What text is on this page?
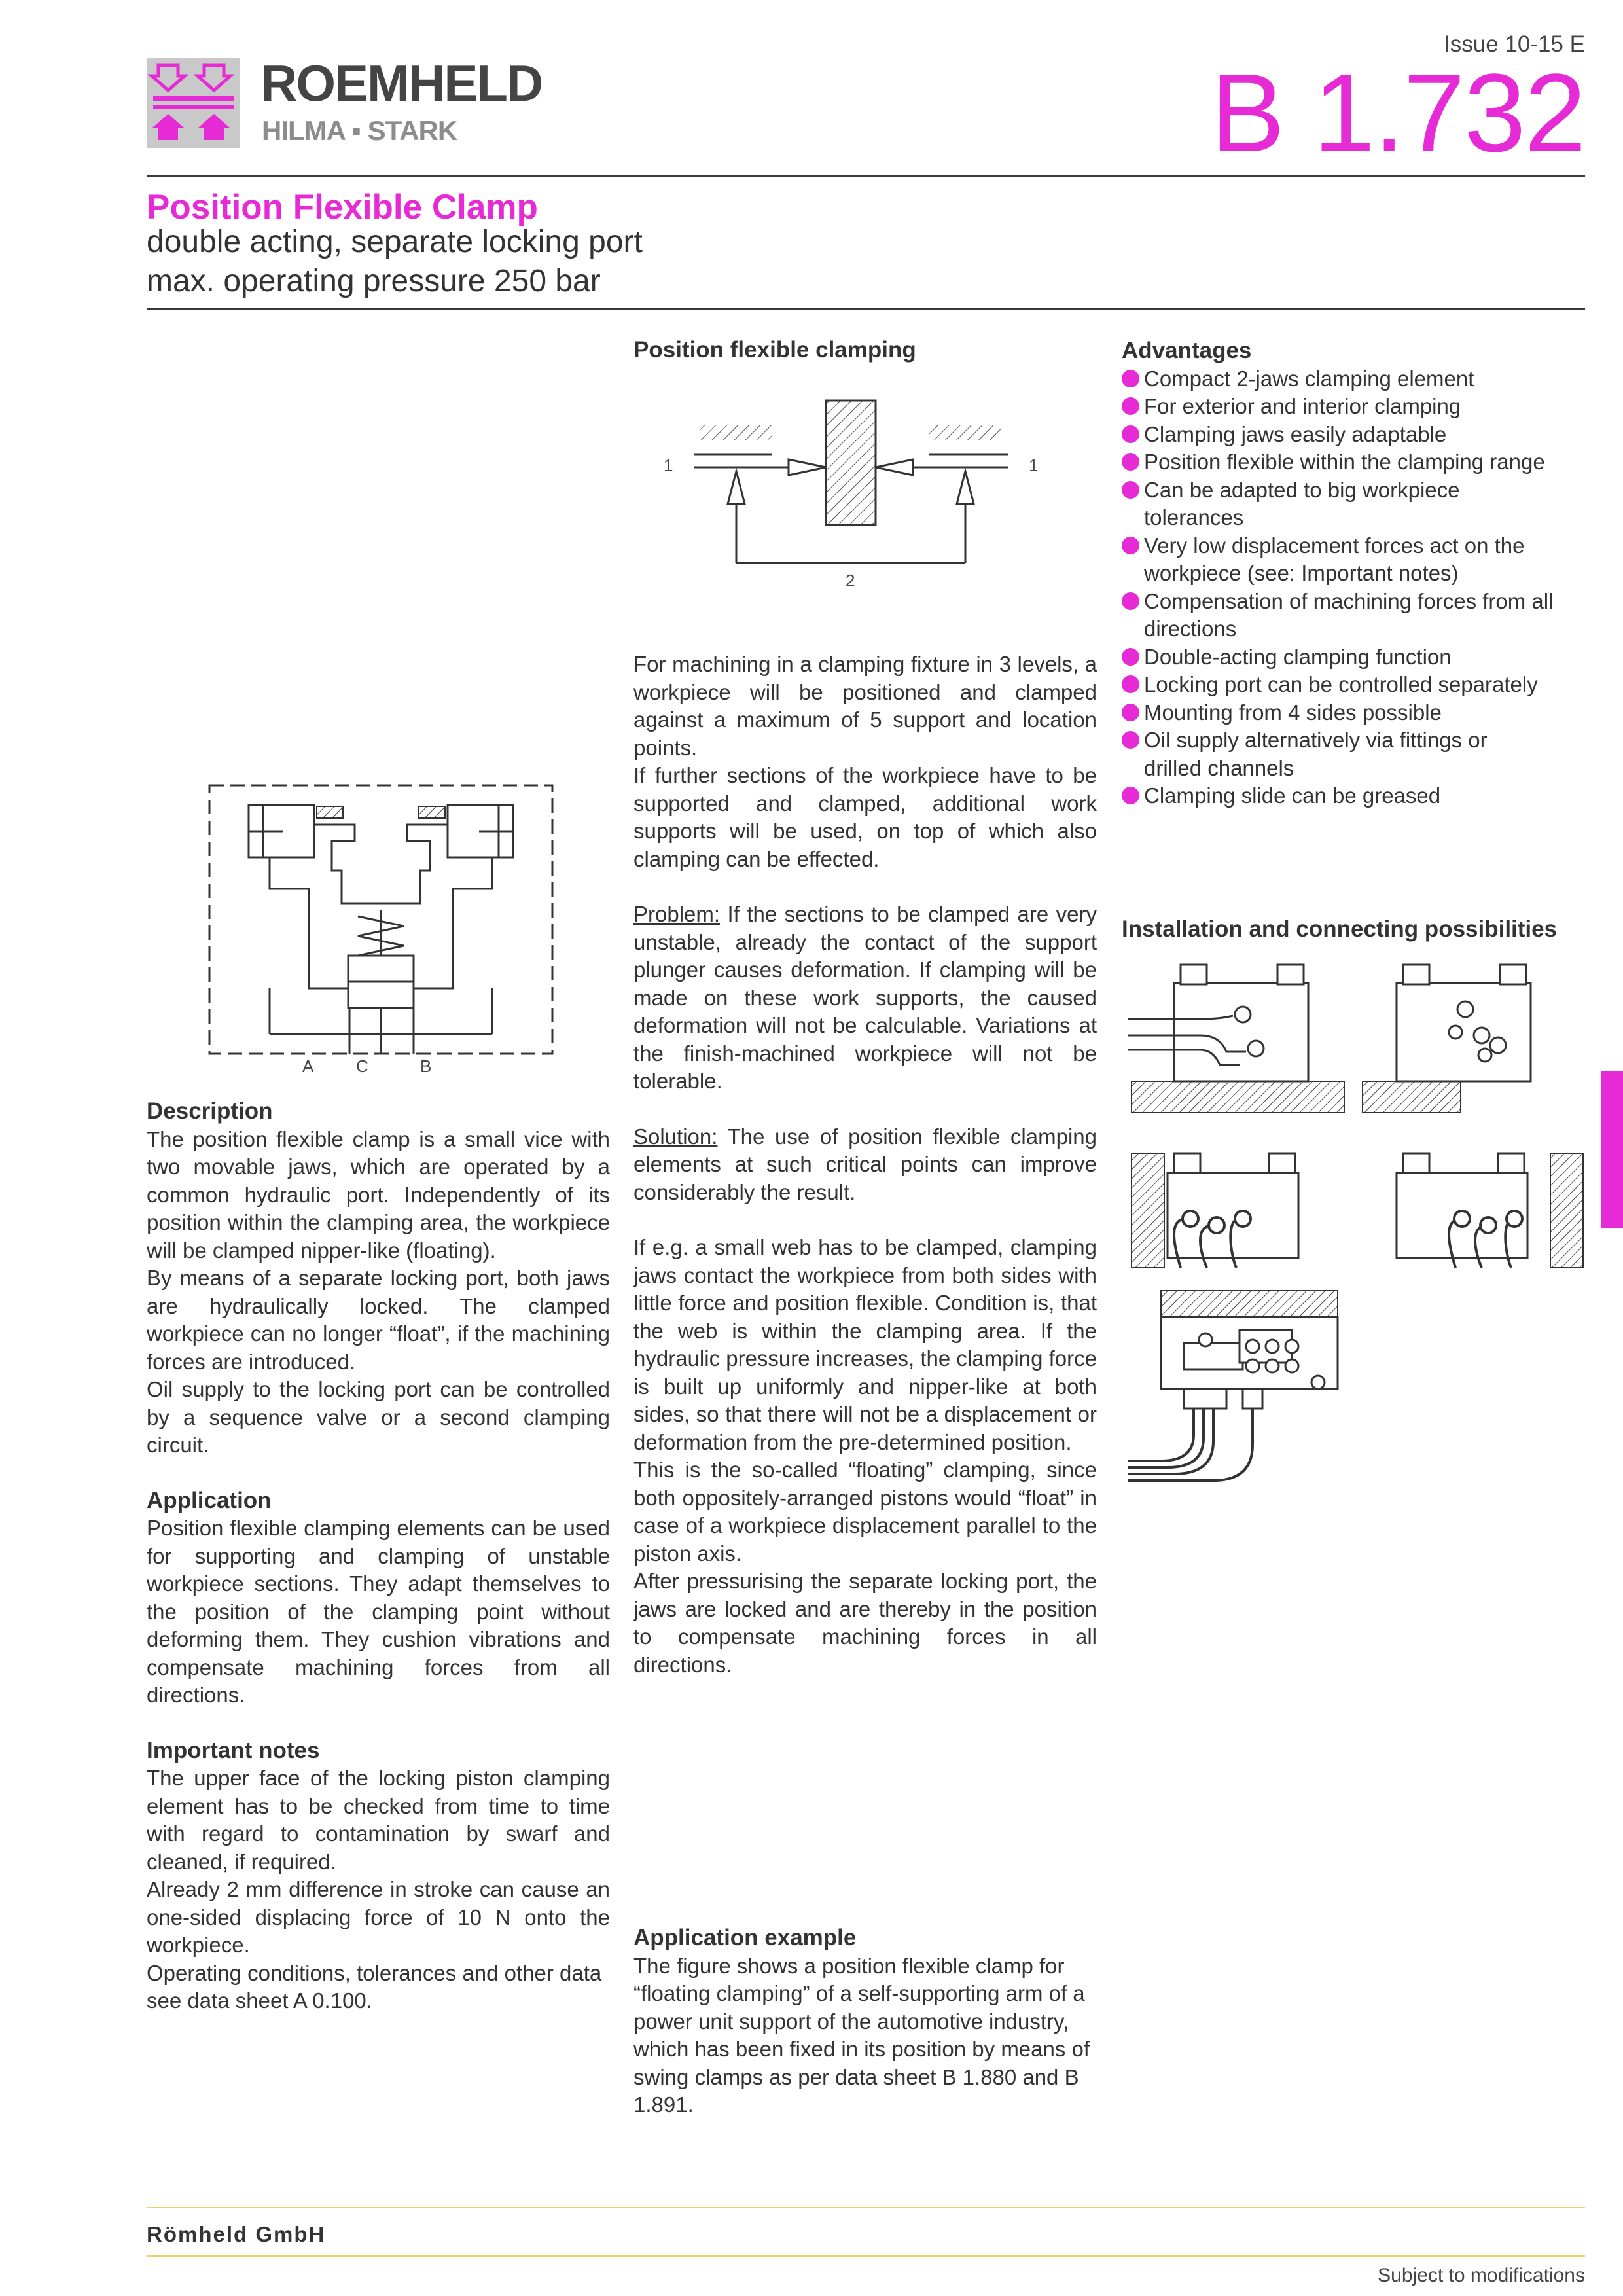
ROEMHELD
HILMA ▪ STARK
Issue 10-15 E
B 1.732
Position Flexible Clamp
double acting, separate locking port
max. operating pressure 250 bar
A C	B
Description

The position flexible clamp is a small vice with two movable jaws, which are operated by a common hydraulic port. Independently of its position within the clamping area, the workpiece will be clamped nipper-like (floating).

By means of a separate locking port, both jaws are hydraulically locked. The clamped workpiece can no longer “float”, if the machining forces are introduced.

Oil supply to the locking port can be controlled by a sequence valve or a second clamping circuit.

Application

Position flexible clamping elements can be used for supporting and clamping of unstable workpiece sections. They adapt themselves to the position of the clamping point without deforming them. They cushion vibrations and compensate machining forces from all directions.

Important notes

The upper face of the locking piston clamping element has to be checked from time to time with regard to contamination by swarf and cleaned, if required.

Already 2 mm difference in stroke can cause an one-sided displacing force of 10 N onto the workpiece.

Operating conditions, tolerances and other data see data sheet A 0.100.

Position flexible clamping
1	1
2

For machining in a clamping fixture in 3 levels, a workpiece will be positioned and clamped against a maximum of 5 support and location points.

If further sections of the workpiece have to be supported and clamped, additional work supports will be used, on top of which also clamping can be effected.

Problem: If the sections to be clamped are very unstable, already the contact of the support plunger causes deformation. If clamping will be made on these work supports, the caused deformation will not be calculable. Variations at the finish-machined workpiece will not be tolerable.

Solution: The use of position flexible clamping elements at such critical points can improve considerably the result.

If e.g. a small web has to be clamped, clamping jaws contact the workpiece from both sides with little force and position flexible. Condition is, that the web is within the clamping area. If the hydraulic pressure increases, the clamping force is built up uniformly and nipper-like at both sides, so that there will not be a displacement or deformation from the pre-determined position.

This is the so-called “floating” clamping, since both oppositely-arranged pistons would “float” in case of a workpiece displacement parallel to the piston axis.

After pressurising the separate locking port, the jaws are locked and are thereby in the position to compensate machining forces in all directions.

Application example

The figure shows a position flexible clamp for “floating clamping” of a self-supporting arm of a power unit support of the automotive industry, which has been fixed in its position by means of swing clamps as per data sheet B 1.880 and B 1.891.

Advantages
Compact 2-jaws clamping element
For exterior and interior clamping
Clamping jaws easily adaptable
Position flexible within the clamping range
Can be adapted to big workpiece tolerances
Very low displacement forces act on the workpiece (see: Important notes)
Compensation of machining forces from all directions
Double-acting clamping function
Locking port can be controlled separately
Mounting from 4 sides possible
Oil supply alternatively via fittings or drilled channels
Clamping slide can be greased
Installation and connecting possibilities
Römheld GmbH
Subject to modifications
